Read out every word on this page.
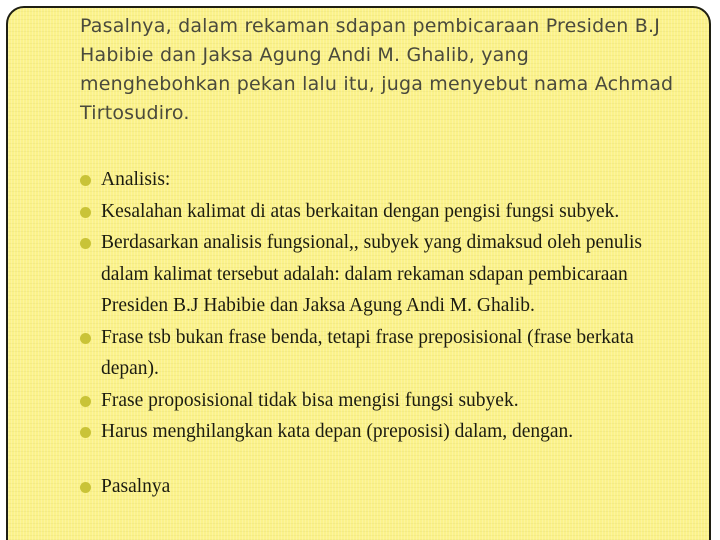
Pasalnya, dalam rekaman sdapan pembicaraan Presiden B.J Habibie dan Jaksa Agung Andi M. Ghalib, yang menghebohkan pekan lalu itu, juga menyebut nama Achmad Tirtosudiro.

Analisis:
Kesalahan kalimat di atas berkaitan dengan pengisi fungsi subyek.
Berdasarkan analisis fungsional,, subyek yang dimaksud oleh penulis dalam kalimat tersebut adalah: dalam rekaman sdapan pembicaraan Presiden B.J Habibie dan Jaksa Agung Andi M. Ghalib.
Frase tsb bukan frase benda, tetapi frase preposisional (frase berkata depan).
Frase proposisional tidak bisa mengisi fungsi subyek.
Harus menghilangkan kata depan (preposisi) dalam, dengan.
Pasalnya
